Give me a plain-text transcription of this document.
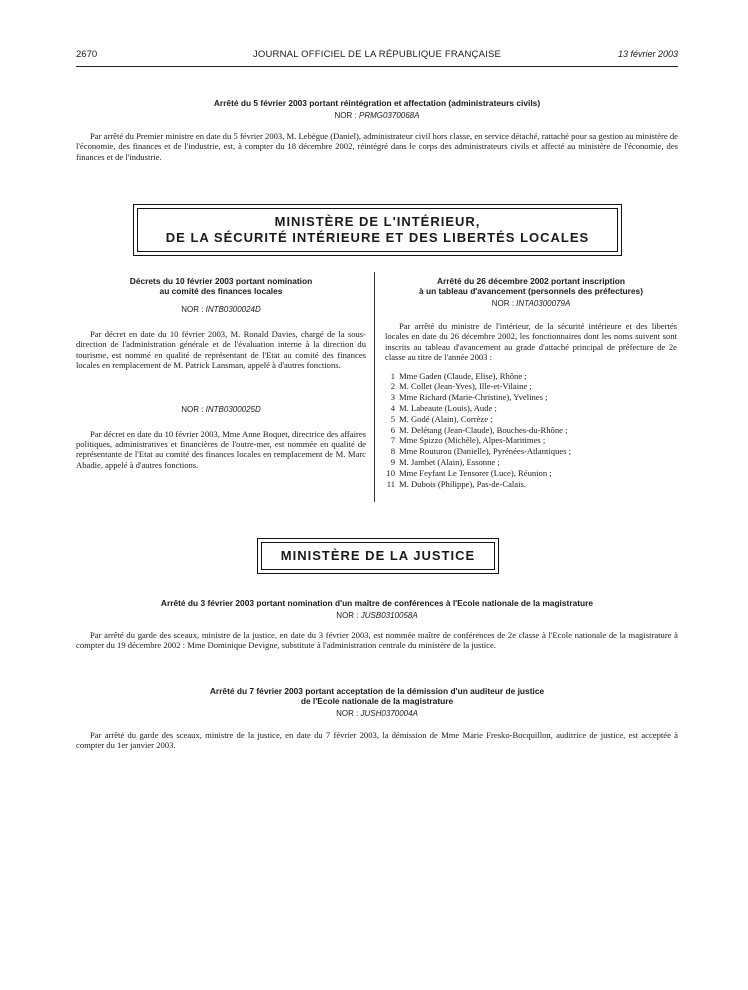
2670	JOURNAL OFFICIEL DE LA RÉPUBLIQUE FRANÇAISE	13 février 2003

Arrêté du 5 février 2003 portant réintégration et affectation (administrateurs civils)

NOR : PRMG0370068A

Par arrêté du Premier ministre en date du 5 février 2003, M. Lebègue (Daniel), administrateur civil hors classe, en service détaché, rattaché pour sa gestion au ministère de l'économie, des finances et de l'industrie, est, à compter du 18 décembre 2002, réintégré dans le corps des administrateurs civils et affecté au ministère de l'économie, des finances et de l'industrie.

MINISTÈRE DE L'INTÉRIEUR,
DE LA SÉCURITÉ INTÉRIEURE ET DES LIBERTÉS LOCALES

Décrets du 10 février 2003 portant nomination

au comité des finances locales

NOR : INTB0300024D

Par décret en date du 10 février 2003, M. Ronald Davies, chargé de la sous-direction de l'administration générale et de l'évaluation interne à la direction du tourisme, est nommé en qualité de représentant de l'Etat au comité des finances locales en remplacement de M. Patrick Lansman, appelé à d'autres fonctions.

NOR : INTB0300025D

Par décret en date du 10 février 2003, Mme Anne Boquet, directrice des affaires politiques, administratives et financières de l'outre-mer, est nommée en qualité de représentante de l'Etat au comité des finances locales en remplacement de M. Marc Abadie, appelé à d'autres fonctions.

Arrêté du 26 décembre 2002 portant inscription

à un tableau d'avancement (personnels des préfectures)

NOR : INTA0300079A

Par arrêté du ministre de l'intérieur, de la sécurité intérieure et des libertés locales en date du 26 décembre 2002, les fonctionnaires dont les noms suivent sont inscrits au tableau d'avancement au grade d'attaché principal de préfecture de 2e classe au titre de l'année 2003 :

1 Mme Gaden (Claude, Elise), Rhône ;
2 M. Collet (Jean-Yves), Ille-et-Vilaine ;
3 Mme Richard (Marie-Christine), Yvelines ;
4 M. Labeaute (Louis), Aude ;
5 M. Godé (Alain), Corrèze ;
6 M. Delétang (Jean-Claude), Bouches-du-Rhône ;
7 Mme Spizzo (Michèle), Alpes-Maritimes ;
8 Mme Routurou (Danielle), Pyrénées-Atlantiques ;
9 M. Jambet (Alain), Essonne ;
10 Mme Feyfant Le Tensorer (Luce), Réunion ;
11 M. Dubois (Philippe), Pas-de-Calais.
MINISTÈRE DE LA JUSTICE

Arrêté du 3 février 2003 portant nomination d'un maître de conférences à l'Ecole nationale de la magistrature

NOR : JUSB0310058A

Par arrêté du garde des sceaux, ministre de la justice, en date du 3 février 2003, est nommée maître de conférences de 2e classe à l'Ecole nationale de la magistrature à compter du 19 décembre 2002 : Mme Dominique Devigne, substitute à l'administration centrale du ministère de la justice.

Arrêté du 7 février 2003 portant acceptation de la démission d'un auditeur de justice

de l'Ecole nationale de la magistrature

NOR : JUSH0370004A

Par arrêté du garde des sceaux, ministre de la justice, en date du 7 février 2003, la démission de Mme Marie Fresko-Bocquillon, auditrice de justice, est acceptée à compter du 1er janvier 2003.
